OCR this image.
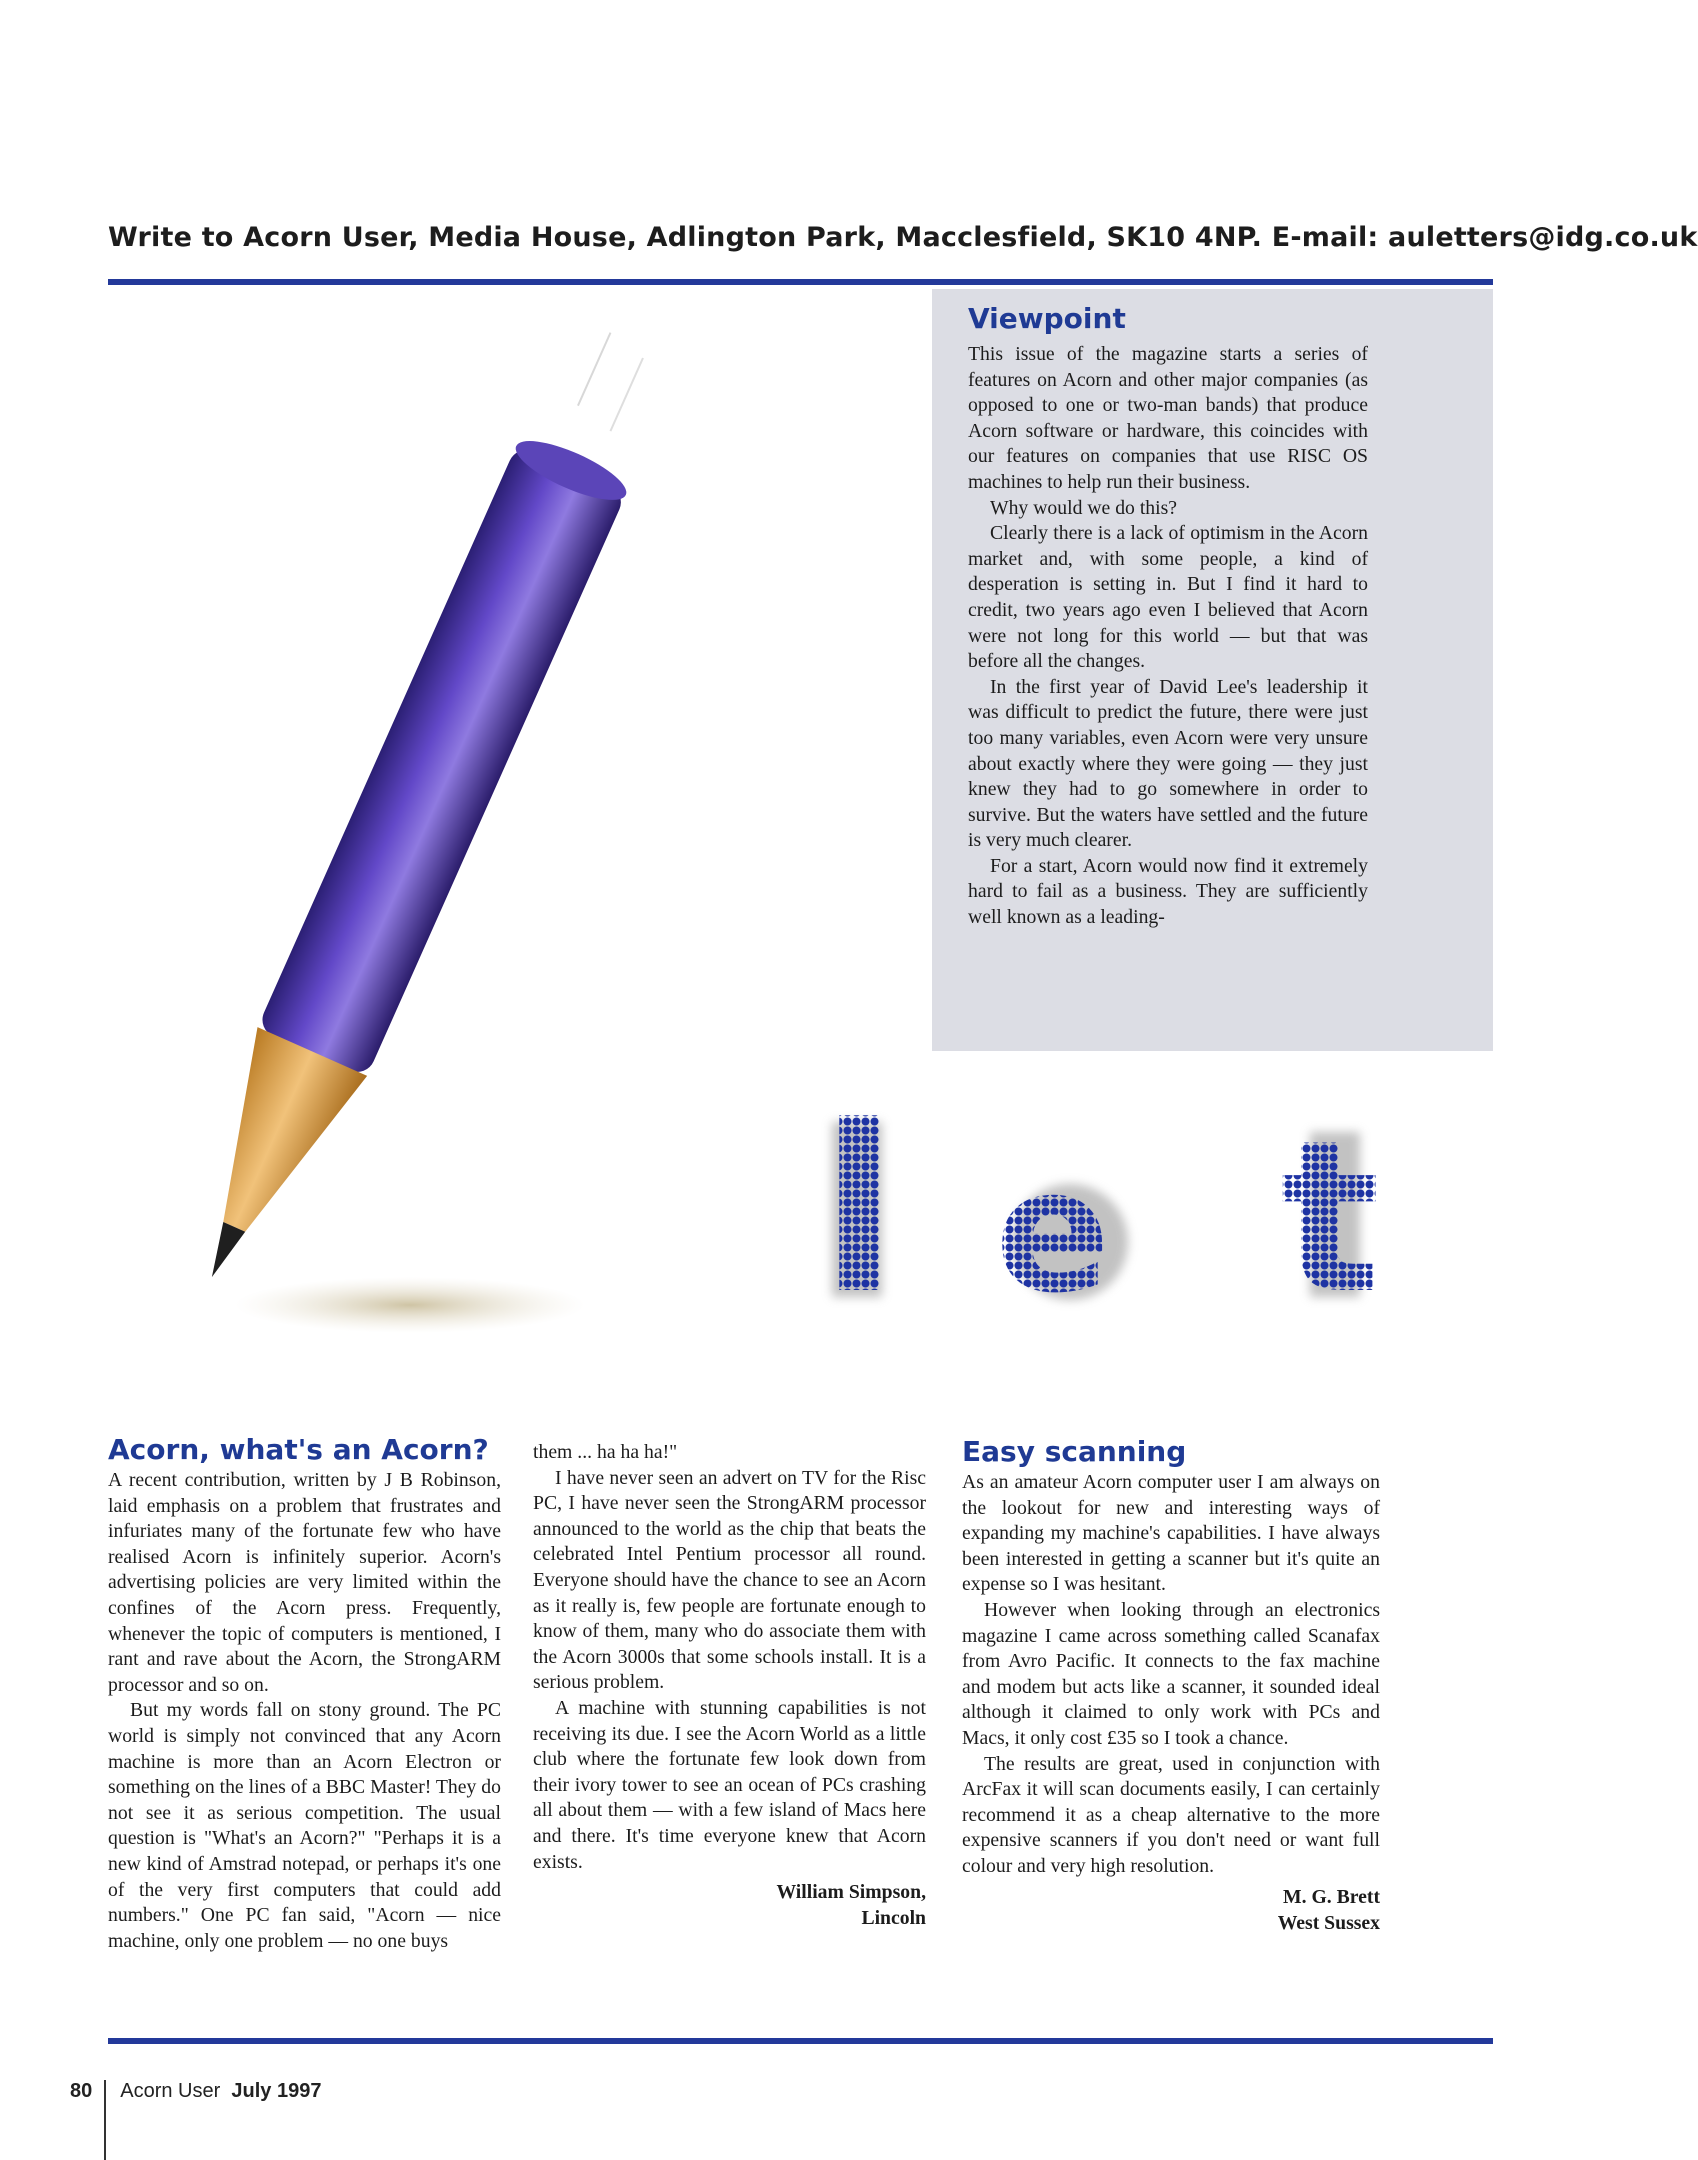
Write to Acorn User, Media House, Adlington Park, Macclesfield, SK10 4NP. E-mail: auletters@idg.co.uk
Viewpoint

This issue of the magazine starts a series of features on Acorn and other major companies (as opposed to one or two-man bands) that produce Acorn software or hardware, this coincides with our features on companies that use RISC OS machines to help run their business.

Why would we do this?

Clearly there is a lack of optimism in the Acorn market and, with some people, a kind of desperation is setting in. But I find it hard to credit, two years ago even I believed that Acorn were not long for this world — but that was before all the changes.

In the first year of David Lee's leadership it was difficult to predict the future, there were just too many variables, even Acorn were very unsure about exactly where they were going — they just knew they had to go somewhere in order to survive. But the waters have settled and the future is very much clearer.

For a start, Acorn would now find it extremely hard to fail as a business. They are sufficiently well known as a leading-

l e t
Acorn, what's an Acorn?

A recent contribution, written by J B Robinson, laid emphasis on a problem that frustrates and infuriates many of the fortunate few who have realised Acorn is infinitely superior. Acorn's advertising policies are very limited within the confines of the Acorn press. Frequently, whenever the topic of computers is mentioned, I rant and rave about the Acorn, the StrongARM processor and so on.

But my words fall on stony ground. The PC world is simply not convinced that any Acorn machine is more than an Acorn Electron or something on the lines of a BBC Master! They do not see it as serious competition. The usual question is "What's an Acorn?" "Perhaps it is a new kind of Amstrad notepad, or perhaps it's one of the very first computers that could add numbers." One PC fan said, "Acorn — nice machine, only one problem — no one buys

them ... ha ha ha!"

I have never seen an advert on TV for the Risc PC, I have never seen the StrongARM processor announced to the world as the chip that beats the celebrated Intel Pentium processor all round. Everyone should have the chance to see an Acorn as it really is, few people are fortunate enough to know of them, many who do associate them with the Acorn 3000s that some schools install. It is a serious problem.

A machine with stunning capabilities is not receiving its due. I see the Acorn World as a little club where the fortunate few look down from their ivory tower to see an ocean of PCs crashing all about them — with a few island of Macs here and there. It's time everyone knew that Acorn exists.

William Simpson,
Lincoln
Easy scanning

As an amateur Acorn computer user I am always on the lookout for new and interesting ways of expanding my machine's capabilities. I have always been interested in getting a scanner but it's quite an expense so I was hesitant.

However when looking through an electronics magazine I came across something called Scanafax from Avro Pacific. It connects to the fax machine and modem but acts like a scanner, it sounded ideal although it claimed to only work with PCs and Macs, it only cost £35 so I took a chance.

The results are great, used in conjunction with ArcFax it will scan documents easily, I can certainly recommend it as a cheap alternative to the more expensive scanners if you don't need or want full colour and very high resolution.

M. G. Brett
West Sussex
80 Acorn User July 1997
